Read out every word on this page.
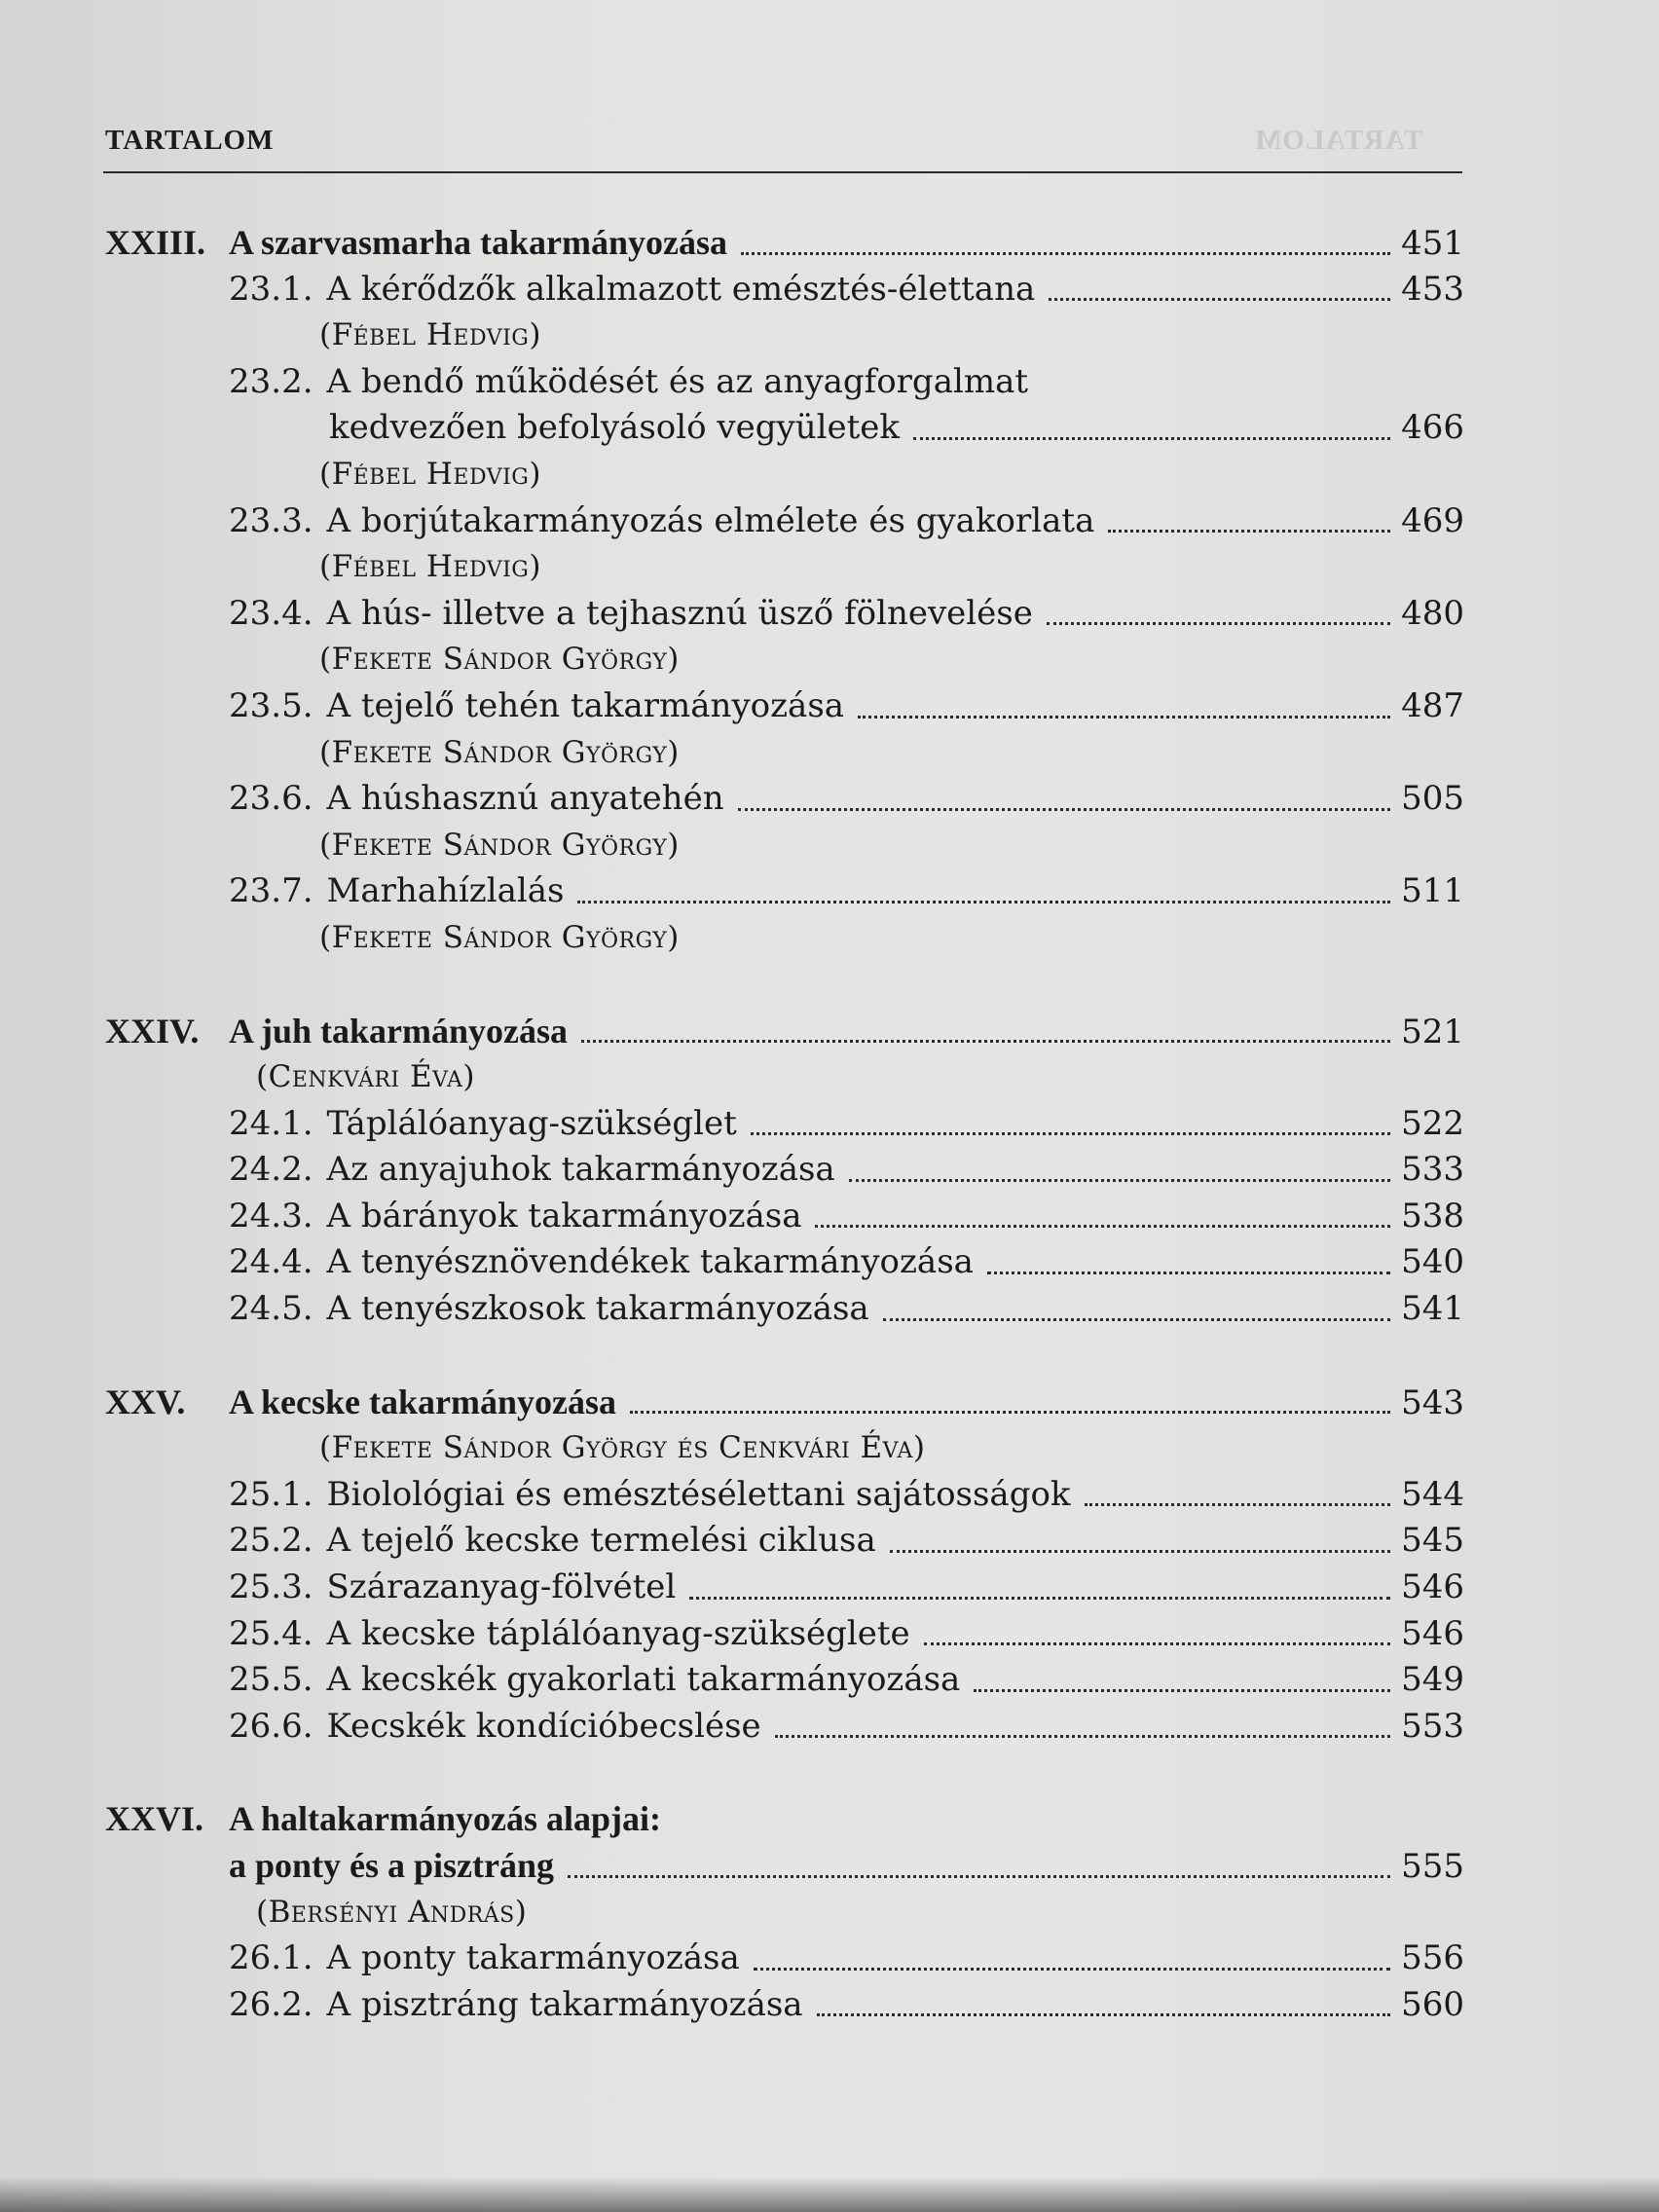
TARTALOM	TARTALOM
XXIII. A szarvasmarha takarmányozása	451
23.1. A kérődzők alkalmazott emésztés-élettana	453
(Fébel Hedvig)
23.2. A bendő működését és az anyagforgalmat
kedvezően befolyásoló vegyületek	466
(Fébel Hedvig)
23.3. A borjútakarmányozás elmélete és gyakorlata	469
(Fébel Hedvig)
23.4. A hús- illetve a tejhasznú üsző fölnevelése	480
(Fekete Sándor György)
23.5. A tejelő tehén takarmányozása	487
(Fekete Sándor György)
23.6. A húshasznú anyatehén	505
(Fekete Sándor György)
23.7. Marhahízlalás	511
(Fekete Sándor György)
XXIV. A juh takarmányozása	521
(Cenkvári Éva)
24.1. Táplálóanyag-szükséglet	522
24.2. Az anyajuhok takarmányozása	533
24.3. A bárányok takarmányozása	538
24.4. A tenyésznövendékek takarmányozása	540
24.5. A tenyészkosok takarmányozása	541
XXV.	A kecske takarmányozása	543
(Fekete Sándor György és Cenkvári Éva)
25.1. Biolológiai és emésztésélettani sajátosságok	544
25.2. A tejelő kecske termelési ciklusa	545
25.3. Szárazanyag-fölvétel	546
25.4. A kecske táplálóanyag-szükséglete	546
25.5. A kecskék gyakorlati takarmányozása	549
26.6. Kecskék kondícióbecslése	553
XXVI. A haltakarmányozás alapjai:
a ponty és a pisztráng	555
(Bersényi András)
26.1. A ponty takarmányozása	556
26.2. A pisztráng takarmányozása	560
